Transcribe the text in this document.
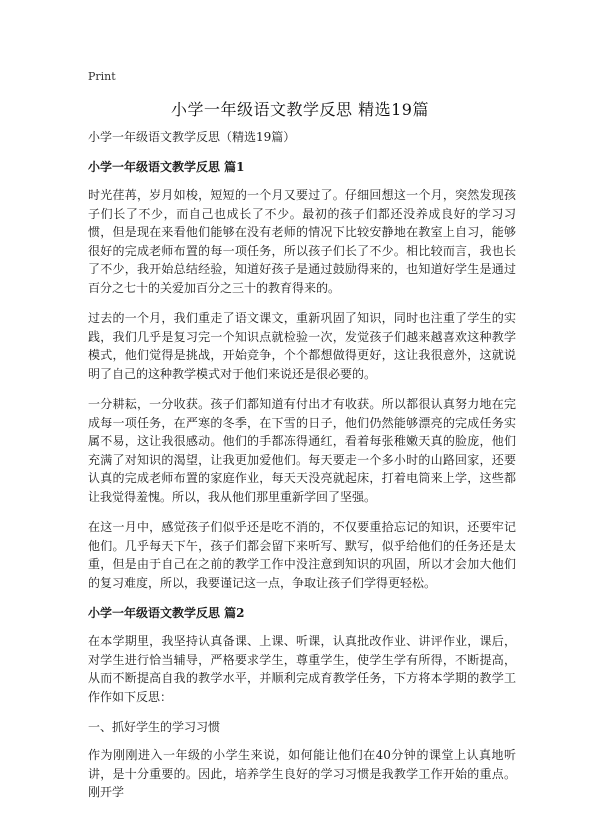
Print
小学一年级语文教学反思 精选19篇

小学一年级语文教学反思（精选19篇）

小学一年级语文教学反思 篇1

时光荏苒，岁月如梭，短短的一个月又要过了。仔细回想这一个月，突然发现孩子们长了不少，而自己也成长了不少。最初的孩子们都还没养成良好的学习习惯，但是现在来看他们能够在没有老师的情况下比较安静地在教室上自习，能够很好的完成老师布置的每一项任务，所以孩子们长了不少。相比较而言，我也长了不少，我开始总结经验，知道好孩子是通过鼓励得来的，也知道好学生是通过百分之七十的关爱加百分之三十的教育得来的。

过去的一个月，我们重走了语文课文，重新巩固了知识，同时也注重了学生的实践，我们几乎是复习完一个知识点就检验一次，发觉孩子们越来越喜欢这种教学模式，他们觉得是挑战，开始竞争，个个都想做得更好，这让我很意外，这就说明了自己的这种教学模式对于他们来说还是很必要的。

一分耕耘，一分收获。孩子们都知道有付出才有收获。所以都很认真努力地在完成每一项任务，在严寒的冬季，在下雪的日子，他们仍然能够漂亮的完成任务实属不易，这让我很感动。他们的手都冻得通红，看着每张稚嫩天真的脸庞，他们充满了对知识的渴望，让我更加爱他们。每天要走一个多小时的山路回家，还要认真的完成老师布置的家庭作业，每天天没亮就起床，打着电筒来上学，这些都让我觉得羞愧。所以，我从他们那里重新学回了坚强。

在这一月中，感觉孩子们似乎还是吃不消的，不仅要重拾忘记的知识，还要牢记他们。几乎每天下午，孩子们都会留下来听写、默写，似乎给他们的任务还是太重，但是由于自己在之前的教学工作中没注意到知识的巩固，所以才会加大他们的复习难度，所以，我要谨记这一点，争取让孩子们学得更轻松。

小学一年级语文教学反思 篇2

在本学期里，我坚持认真备课、上课、听课，认真批改作业、讲评作业，课后，对学生进行恰当辅导，严格要求学生，尊重学生，使学生学有所得，不断提高，从而不断提高自我的教学水平，并顺利完成育教学任务，下方将本学期的教学工作作如下反思：

一、抓好学生的学习习惯

作为刚刚进入一年级的小学生来说，如何能让他们在40分钟的课堂上认真地听讲，是十分重要的。因此，培养学生良好的学习习惯是我教学工作开始的重点。刚开学
